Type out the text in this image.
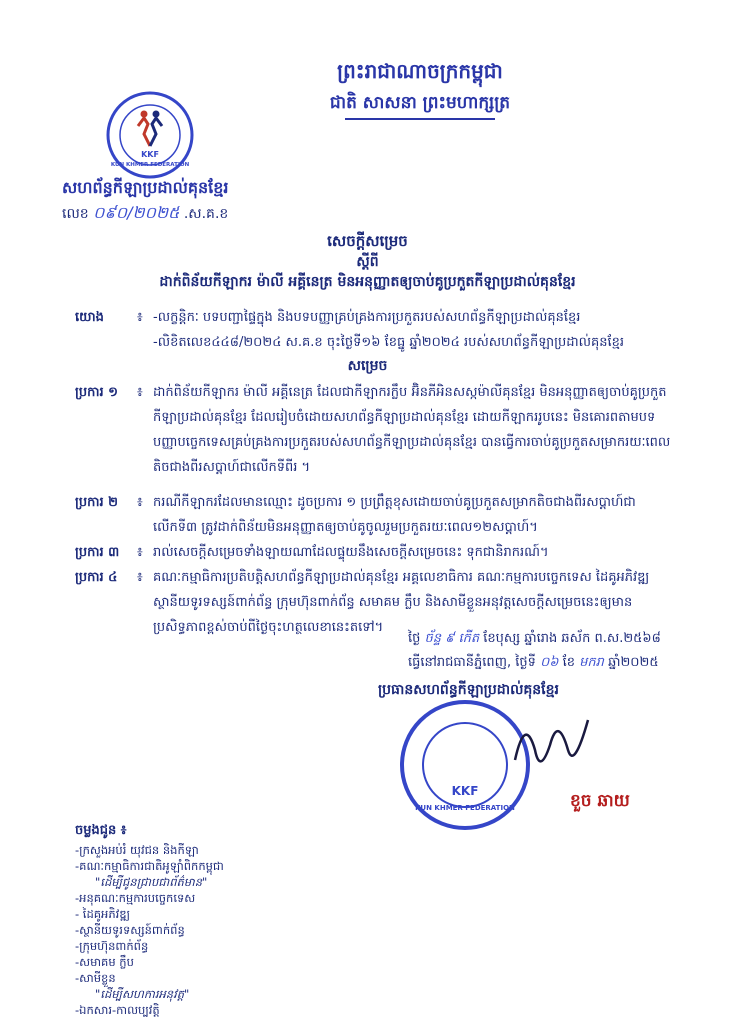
ព្រះរាជាណាចក្រកម្ពុជា
ជាតិ សាសនា ព្រះមហាក្សត្រ
KKF
KUN KHMER FEDERATION
សហព័ន្ធកីឡាប្រដាល់គុនខ្មែរ
លេខ ០៩០/២០២៥ .ស.គ.ខ
សេចក្តីសម្រេច
ស្តីពី
ដាក់ពិន័យកីឡាករ ម៉ាលី អគ្គីនេត្រ មិនអនុញ្ញាតឲ្យចាប់គូប្រកួតកីឡាប្រដាល់គុនខ្មែរ
យោង	៖ -លក្ខន្តិកៈ បទបញ្ជាផ្ទៃក្នុង និងបទបញ្ញាគ្រប់គ្រងការប្រកួតរបស់សហព័ន្ធកីឡាប្រដាល់គុនខ្មែរ
-លិខិតលេខ៤៤៨/២០២៤ ស.គ.ខ ចុះថ្ងៃទី១៦ ខែធ្នូ ឆ្នាំ២០២៤ របស់សហព័ន្ធកីឡាប្រដាល់គុនខ្មែរ
សម្រេច
ប្រការ ១	៖ ដាក់ពិន័យកីឡាករ ម៉ាលី អគ្គីនេត្រ ដែលជាកីឡាករក្លឹប អ៊ិនភីអិនសស្កម៉ាលីគុនខ្មែរ មិនអនុញ្ញាតឲ្យចាប់គូប្រកួតកីឡាប្រដាល់គុនខ្មែរ ដែលរៀបចំដោយសហព័ន្ធកីឡាប្រដាល់គុនខ្មែរ ដោយកីឡាកររូបនេះ មិនគោរពតាមបទបញ្ញាបច្ចេកទេសគ្រប់គ្រងការប្រកួតរបស់សហព័ន្ធកីឡាប្រដាល់គុនខ្មែរ បានធ្វើការចាប់គូប្រកួតសម្រាករយៈពេលតិចជាងពីរសប្តាហ៍ជាលើកទីពីរ ។
ប្រការ ២	៖ ករណីកីឡាករដែលមានឈ្មោះ ដូចប្រការ ១ ប្រព្រឹត្តខុសដោយចាប់គូប្រកួតសម្រាកតិចជាងពីរសប្តាហ៍ជាលើកទី៣ ត្រូវដាក់ពិន័យមិនអនុញ្ញាតឲ្យចាប់គូចូលរួមប្រកួតរយៈពេល១២សប្តាហ៍។
ប្រការ ៣	៖ រាល់សេចក្តីសម្រេចទាំងឡាយណាដែលផ្ទុយនឹងសេចក្តីសម្រេចនេះ ទុកជានិរាករណ៍។
ប្រការ ៤	៖ គណៈកម្មាធិការប្រតិបត្តិសហព័ន្ធកីឡាប្រដាល់គុនខ្មែរ អគ្គលេខាធិការ គណៈកម្មការបច្ចេកទេស ដៃគូអភិវឌ្ឍ ស្ថានីយទូរទស្សន៍ពាក់ព័ន្ធ ក្រុមហ៊ុនពាក់ព័ន្ធ សមាគម ក្លឹប និងសាមីខ្លួនអនុវត្តសេចក្តីសម្រេចនេះឲ្យមានប្រសិទ្ធភាពខ្ពស់ចាប់ពីថ្ងៃចុះហត្ថលេខានេះតទៅ។
ថ្ងៃ ច័ន្ទ ៩ កើត ខែបុស្ស ឆ្នាំរោង ឆស័ក ព.ស.២៥៦៨
ធ្វើនៅរាជធានីភ្នំពេញ, ថ្ងៃទី ០៦ ខែ មករា ឆ្នាំ២០២៥
ប្រធានសហព័ន្ធកីឡាប្រដាល់គុនខ្មែរ
KKF
KUN KHMER FEDERATION	ខួច ឆាយ
ចម្លងជូន ៖
-ក្រសួងអប់រំ យុវជន និងកីឡា
-គណៈកម្មាធិការជាតិអូឡាំពិកកម្ពុជា
"ដើម្បីជូនជ្រាបជាព័ត៌មាន"
-អនុគណៈកម្មការបច្ចេកទេស
- ដៃគូអភិវឌ្ឍ
-ស្ថានីយទូរទស្សន៍ពាក់ព័ន្ធ
-ក្រុមហ៊ុនពាក់ព័ន្ធ
-សមាគម ក្លឹប
-សាមីខ្លួន
"ដើម្បីសហការអនុវត្ត"
-ឯកសារ-កាលប្បវត្តិ
